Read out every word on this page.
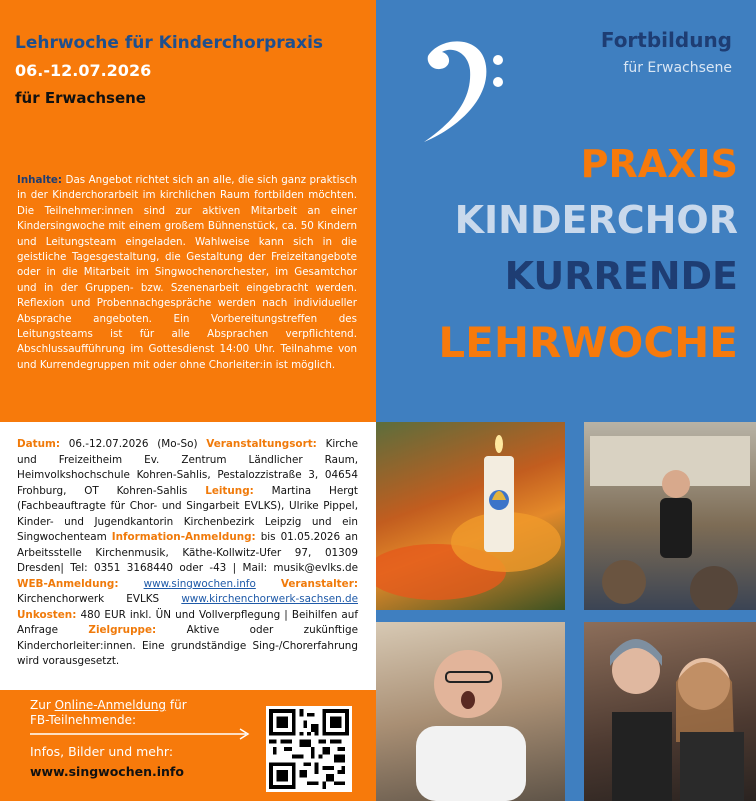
Lehrwoche für Kinderchorpraxis
06.-12.07.2026
für Erwachsene
Inhalte: Das Angebot richtet sich an alle, die sich ganz praktisch in der Kinderchorarbeit im kirchlichen Raum fortbilden möchten. Die Teilnehmer:innen sind zur aktiven Mitarbeit an einer Kindersingwoche mit einem großem Bühnenstück, ca. 50 Kindern und Leitungsteam eingeladen. Wahlweise kann sich in die geistliche Tagesgestaltung, die Gestaltung der Freizeitangebote oder in die Mitarbeit im Singwochenorchester, im Gesamtchor und in der Gruppen- bzw. Szenenarbeit eingebracht werden. Reflexion und Probennachgespräche werden nach individueller Absprache angeboten. Ein Vorbereitungstreffen des Leitungsteams ist für alle Absprachen verpflichtend. Abschlussaufführung im Gottesdienst 14:00 Uhr. Teilnahme von und Kurrendegruppen mit oder ohne Chorleiter:in ist möglich.
Datum: 06.-12.07.2026 (Mo-So) Veranstaltungsort: Kirche und Freizeitheim Ev. Zentrum Ländlicher Raum, Heimvolkshochschule Kohren-Sahlis, Pestalozzistraße 3, 04654 Frohburg, OT Kohren-Sahlis Leitung: Martina Hergt (Fachbeauftragte für Chor- und Singarbeit EVLKS), Ulrike Pippel, Kinder- und Jugendkantorin Kirchenbezirk Leipzig und ein Singwochenteam Information-Anmeldung: bis 01.05.2026 an Arbeitsstelle Kirchenmusik, Käthe-Kollwitz-Ufer 97, 01309 Dresden| Tel: 0351 3168440 oder -43 | Mail: musik@evlks.de WEB-Anmeldung: www.singwochen.info Veranstalter: Kirchenchorwerk EVLKS www.kirchenchorwerk-sachsen.de Unkosten: 480 EUR inkl. ÜN und Vollverpflegung | Beihilfen auf Anfrage	Zielgruppe:	Aktive oder zukünftige Kinderchorleiter:innen. Eine grundständige Sing-/Chorerfahrung wird vorausgesetzt.
Zur Online-Anmeldung für
FB-Teilnehmende:
Infos, Bilder und mehr:
www.singwochen.info
Fortbildung
für Erwachsene
PRAXIS
KINDERCHOR
KURRENDE
LEHRWOCHE
